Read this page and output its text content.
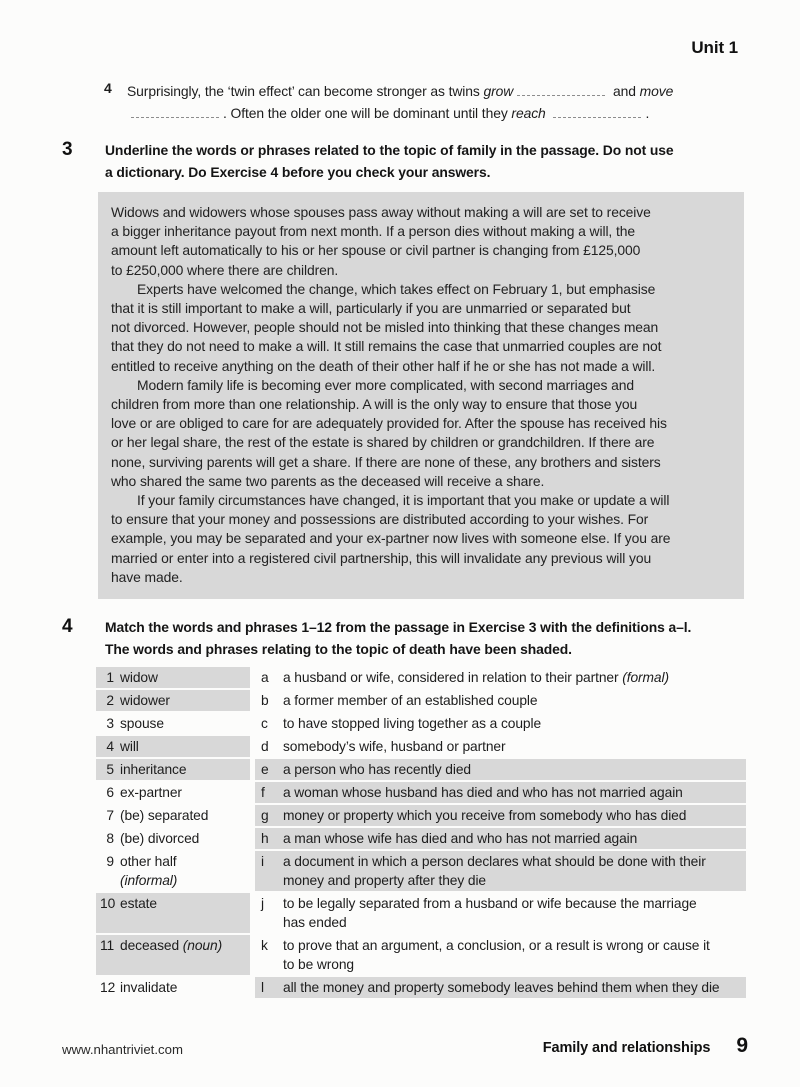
Unit 1
4	Surprisingly, the ‘twin effect’ can become stronger as twins grow	and move
. Often the older one will be dominant until they reach	.
3	Underline the words or phrases related to the topic of family in the passage. Do not use
a dictionary. Do Exercise 4 before you check your answers.

Widows and widowers whose spouses pass away without making a will are set to receive
a bigger inheritance payout from next month. If a person dies without making a will, the
amount left automatically to his or her spouse or civil partner is changing from £125,000
to £250,000 where there are children.

Experts have welcomed the change, which takes effect on February 1, but emphasise
that it is still important to make a will, particularly if you are unmarried or separated but
not divorced. However, people should not be misled into thinking that these changes mean
that they do not need to make a will. It still remains the case that unmarried couples are not
entitled to receive anything on the death of their other half if he or she has not made a will.

Modern family life is becoming ever more complicated, with second marriages and
children from more than one relationship. A will is the only way to ensure that those you
love or are obliged to care for are adequately provided for. After the spouse has received his
or her legal share, the rest of the estate is shared by children or grandchildren. If there are
none, surviving parents will get a share. If there are none of these, any brothers and sisters
who shared the same two parents as the deceased will receive a share.

If your family circumstances have changed, it is important that you make or update a will
to ensure that your money and possessions are distributed according to your wishes. For
example, you may be separated and your ex-partner now lives with someone else. If you are
married or enter into a registered civil partnership, this will invalidate any previous will you
have made.

4	Match the words and phrases 1–12 from the passage in Exercise 3 with the definitions a–l.
The words and phrases relating to the topic of death have been shaded.
1 widow	a	a husband or wife, considered in relation to their partner (formal)
2 widower	b	a former member of an established couple
3 spouse	c	to have stopped living together as a couple
4 will	d	somebody’s wife, husband or partner
5 inheritance	e	a person who has recently died
6 ex-partner	f	a woman whose husband has died and who has not married again
7 (be) separated	g	money or property which you receive from somebody who has died
8 (be) divorced	h	a man whose wife has died and who has not married again
9 other half
(informal)
i	a document in which a person declares what should be done with their
money and property after they die
10 estate	j	to be legally separated from a husband or wife because the marriage
has ended
11 deceased (noun)	k	to prove that an argument, a conclusion, or a result is wrong or cause it
to be wrong
12 invalidate	l	all the money and property somebody leaves behind them when they die
www.nhantriviet.com	Family and relationships 9
